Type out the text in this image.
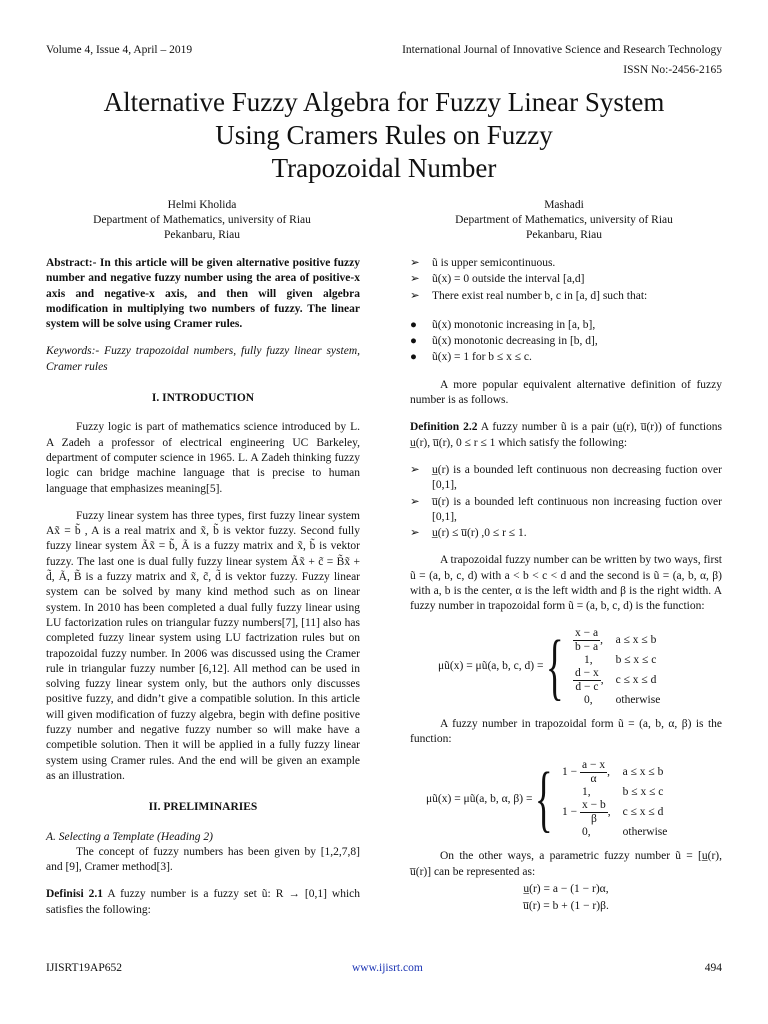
Volume 4, Issue 4, April – 2019	International Journal of Innovative Science and Research Technology
ISSN No:-2456-2165
Alternative Fuzzy Algebra for Fuzzy Linear System
Using Cramers Rules on Fuzzy
Trapozoidal Number
Helmi Kholida
Department of Mathematics, university of Riau
Pekanbaru, Riau
Mashadi
Department of Mathematics, university of Riau
Pekanbaru, Riau

Abstract:- In this article will be given alternative positive fuzzy number and negative fuzzy number using the area of positive-x axis and negative-x axis, and then will given algebra modification in multiplying two numbers of fuzzy. The linear system will be solve using Cramer rules.

Keywords:- Fuzzy trapozoidal numbers, fully fuzzy linear system, Cramer rules

I. INTRODUCTION

Fuzzy logic is part of mathematics science introduced by L. A Zadeh a professor of electrical engineering UC Barkeley, department of computer science in 1965. L. A Zadeh thinking fuzzy logic can bridge machine language that is precise to human language that emphasizes meaning[5].

Fuzzy linear system has three types, first fuzzy linear system Ax̃ = b̃ , A is a real matrix and x̃, b̃ is vektor fuzzy. Second fully fuzzy linear system Ãx̃ = b̃, Ã is a fuzzy matrix and x̃, b̃ is vektor fuzzy. The last one is dual fully fuzzy linear system Ãx̃ + c̃ = B̃x̃ + d̃, Ã, B̃ is a fuzzy matrix and x̃, c̃, d̃ is vektor fuzzy. Fuzzy linear system can be solved by many kind method such as on linear system. In 2010 has been completed a dual fully fuzzy linear using LU factorization rules on triangular fuzzy numbers[7], [11] also has completed fuzzy linear system using LU factrization rules but on trapozoidal fuzzy number. In 2006 was discussed using the Cramer rule in triangular fuzzy number [6,12]. All method can be used in solving fuzzy linear system only, but the authors only discusses positive fuzzy, and didn’t give a compatible solution. In this article will given modification of fuzzy algebra, begin with define positive fuzzy number and negative fuzzy number so will make have a competible solution. Then it will be applied in a fully fuzzy linear system using Cramer rules. And the end will be given an example as an illustration.

II. PRELIMINARIES

A. Selecting a Template (Heading 2)

The concept of fuzzy numbers has been given by [1,2,7,8] and [9], Cramer method[3].

Definisi 2.1 A fuzzy number is a fuzzy set ũ: R → [0,1] which satisfies the following:

➢ ũ is upper semicontinuous.
➢ ũ(x) = 0 outside the interval [a,d]
➢ There exist real number b, c in [a, d] such that:
● ũ(x) monotonic increasing in [a, b],
● ũ(x) monotonic decreasing in [b, d],
● ũ(x) = 1 for b ≤ x ≤ c.

A more popular equivalent alternative definition of fuzzy number is as follows.

Definition 2.2 A fuzzy number ũ is a pair (u̲(r), u̅(r)) of functions u̲(r), u̅(r), 0 ≤ r ≤ 1 which satisfy the following:

➢ u̲(r) is a bounded left continuous non decreasing fuction over [0,1],
➢ u̅(r) is a bounded left continuous non increasing fuction over [0,1],
➢ u̲(r) ≤ u̅(r) ,0 ≤ r ≤ 1.

A trapozoidal fuzzy number can be written by two ways, first ũ = (a, b, c, d) with a < b < c < d and the second is ũ = (a, b, α, β) with a, b is the center, α is the left width and β is the right width. A fuzzy number in trapozoidal form ũ = (a, b, c, d) is the function:

μũ(x) = μũ(a, b, c, d) = { $\frac{x - a}{b - a}$ ,	a ≤ x ≤ b
1,	b ≤ x ≤ c

$\frac{d - x}{d - c}$ ,	c ≤ x ≤ d
0,	otherwise

A fuzzy number in trapozoidal form ũ = (a, b, α, β) is the function:

μũ(x) = μũ(a, b, α, β) = { $1 - \frac{a - x}{\alpha}$ ,	a ≤ x ≤ b
1,	b ≤ x ≤ c
$1 - \frac{x - b}{\beta}$ ,	c ≤ x ≤ d
0,	otherwise

On the other ways, a parametric fuzzy number ũ = [u̲(r), u̅(r)] can be represented as:

u̲(r) = a − (1 − r)α,
u̅(r) = b + (1 − r)β.
IJISRT19AP652	www.ijisrt.com	494
